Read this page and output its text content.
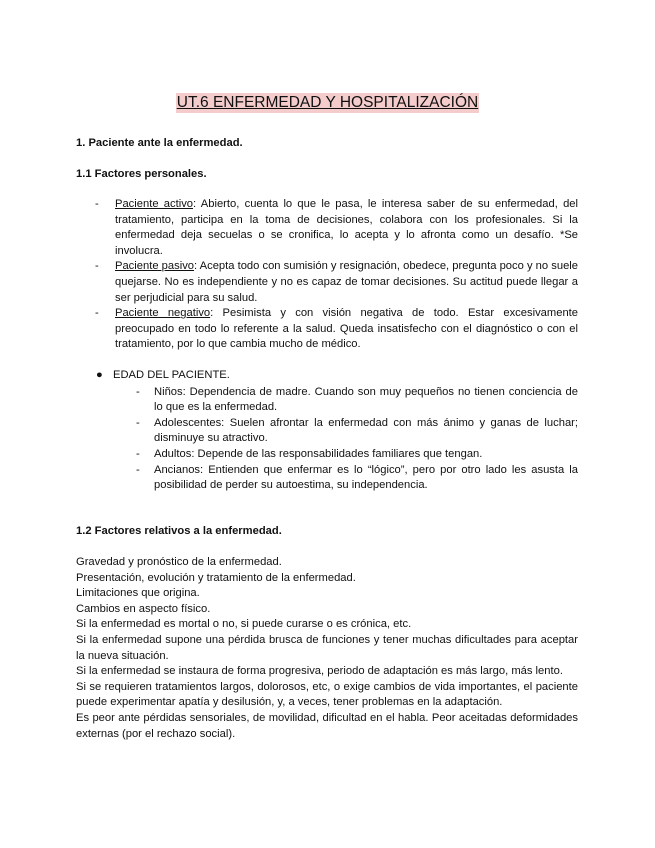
UT.6 ENFERMEDAD Y HOSPITALIZACIÓN
1. Paciente ante la enfermedad.
1.1 Factores personales.
- Paciente activo: Abierto, cuenta lo que le pasa, le interesa saber de su enfermedad, del tratamiento, participa en la toma de decisiones, colabora con los profesionales. Si la enfermedad deja secuelas o se cronifica, lo acepta y lo afronta como un desafío. *Se involucra.
- Paciente pasivo: Acepta todo con sumisión y resignación, obedece, pregunta poco y no suele quejarse. No es independiente y no es capaz de tomar decisiones. Su actitud puede llegar a ser perjudicial para su salud.
- Paciente negativo: Pesimista y con visión negativa de todo. Estar excesivamente preocupado en todo lo referente a la salud. Queda insatisfecho con el diagnóstico o con el tratamiento, por lo que cambia mucho de médico.
● EDAD DEL PACIENTE.
- Niños: Dependencia de madre. Cuando son muy pequeños no tienen conciencia de lo que es la enfermedad.
- Adolescentes: Suelen afrontar la enfermedad con más ánimo y ganas de luchar; disminuye su atractivo.
- Adultos: Depende de las responsabilidades familiares que tengan.
- Ancianos: Entienden que enfermar es lo “lógico”, pero por otro lado les asusta la posibilidad de perder su autoestima, su independencia.
1.2 Factores relativos a la enfermedad.
Gravedad y pronóstico de la enfermedad.
Presentación, evolución y tratamiento de la enfermedad.
Limitaciones que origina.
Cambios en aspecto físico.
Si la enfermedad es mortal o no, si puede curarse o es crónica, etc.
Si la enfermedad supone una pérdida brusca de funciones y tener muchas dificultades para aceptar la nueva situación.
Si la enfermedad se instaura de forma progresiva, periodo de adaptación es más largo, más lento.
Si se requieren tratamientos largos, dolorosos, etc, o exige cambios de vida importantes, el paciente puede experimentar apatía y desilusión, y, a veces, tener problemas en la adaptación.
Es peor ante pérdidas sensoriales, de movilidad, dificultad en el habla. Peor aceitadas deformidades externas (por el rechazo social).
